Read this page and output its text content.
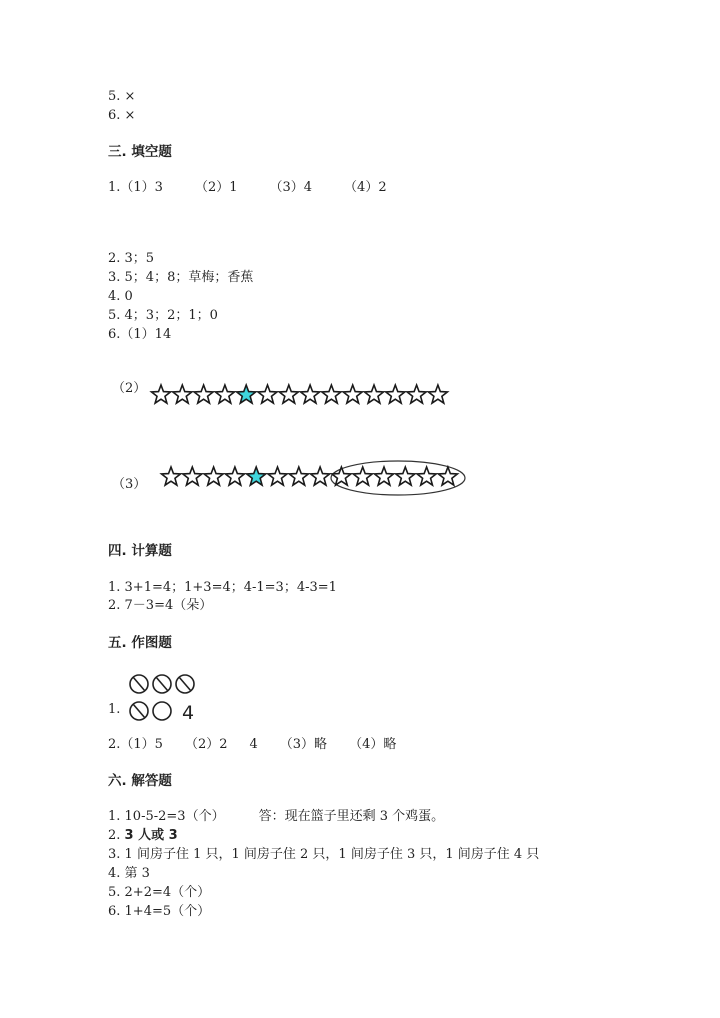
5. ×
6. ×
三. 填空题
1.（1）3 （2）1 （3）4 （4）2
2. 3；5
3. 5；4；8；草梅；香蕉
4. 0
5. 4；3；2；1；0
6.（1）14
（2）
（3）
四. 计算题
1. 3+1=4；1+3=4；4-1=3；4-3=1
2. 7－3=4（朵）
五. 作图题
1.	4
2.（1）5 （2）2 4 （3）略 （4）略
六. 解答题
1. 10-5-2=3（个）	答：现在篮子里还剩 3 个鸡蛋。
2. 3 人或 3
3. 1 间房子住 1 只，1 间房子住 2 只，1 间房子住 3 只，1 间房子住 4 只
4. 第 3
5. 2+2=4（个）
6. 1+4=5（个）
